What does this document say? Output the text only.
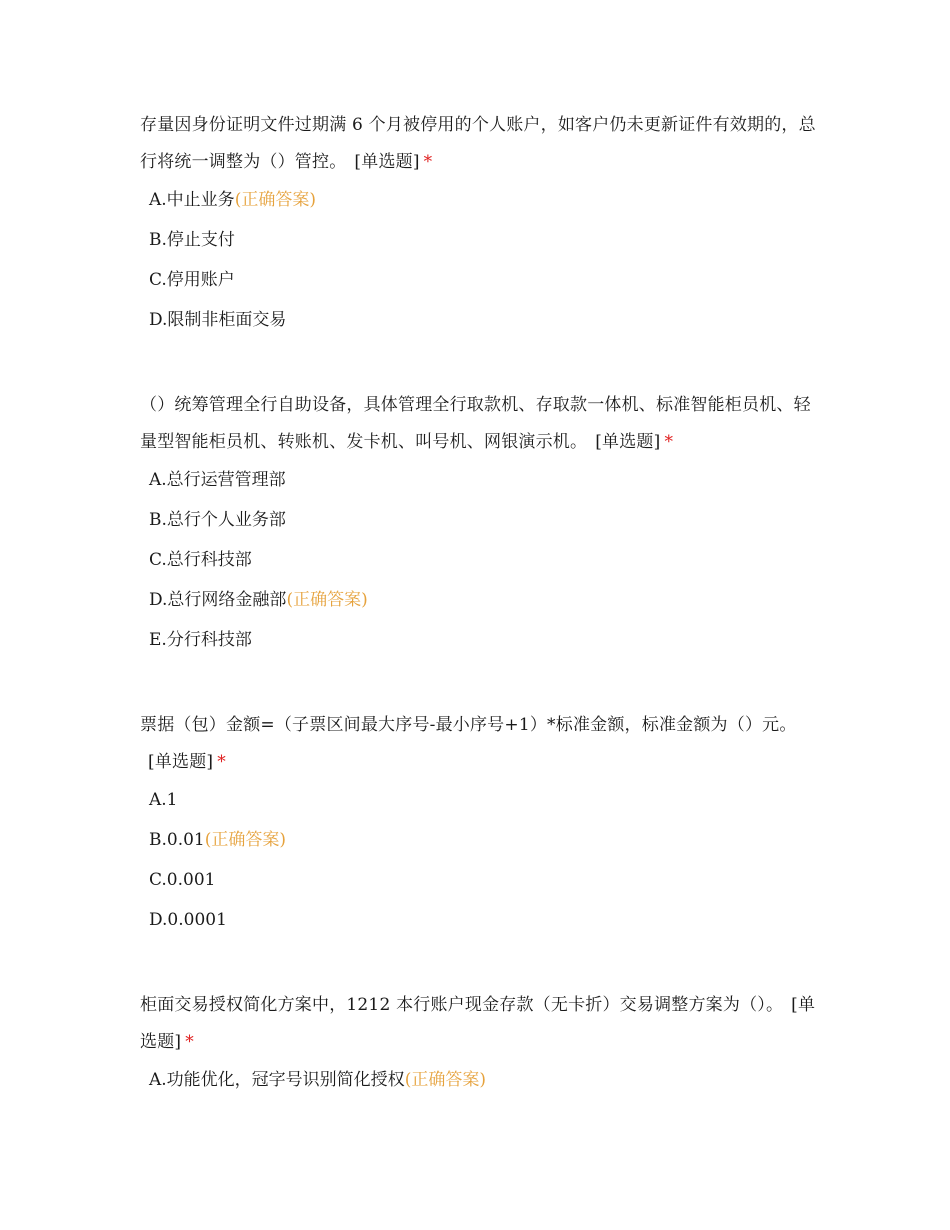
存量因身份证明文件过期满 6 个月被停用的个人账户，如客户仍未更新证件有效期的，总行将统一调整为（）管控。 [单选题] *

A.中止业务(正确答案)
B.停止支付
C.停用账户
D.限制非柜面交易

（）统筹管理全行自助设备，具体管理全行取款机、存取款一体机、标准智能柜员机、轻量型智能柜员机、转账机、发卡机、叫号机、网银演示机。 [单选题] *

A.总行运营管理部
B.总行个人业务部
C.总行科技部
D.总行网络金融部(正确答案)
E.分行科技部

票据（包）金额=（子票区间最大序号-最小序号+1）*标准金额，标准金额为（）元。[单选题] *

A.1
B.0.01(正确答案)
C.0.001
D.0.0001

柜面交易授权简化方案中，1212 本行账户现金存款（无卡折）交易调整方案为（）。 [单选题] *

A.功能优化，冠字号识别简化授权(正确答案)
